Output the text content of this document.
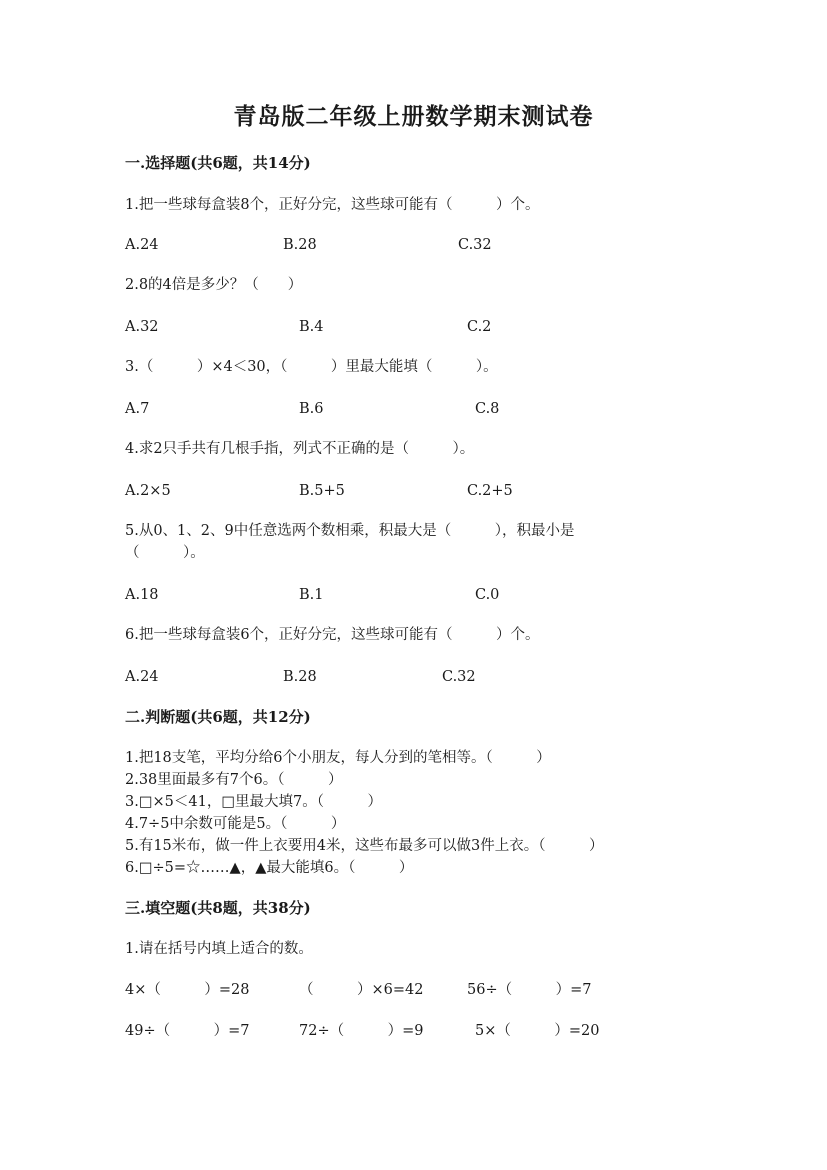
青岛版二年级上册数学期末测试卷
一.选择题(共6题，共14分)
1.把一些球每盒装8个，正好分完，这些球可能有（　　　）个。
A.24	B.28	C.32
2.8的4倍是多少？（　　）
A.32	B.4	C.2
3.（　　　）×4＜30，（　　　）里最大能填（　　　）。
A.7	B.6	C.8
4.求2只手共有几根手指，列式不正确的是（　　　）。
A.2×5	B.5+5	C.2+5
5.从0、1、2、9中任意选两个数相乘，积最大是（　　　），积最小是
（　　　）。
A.18	B.1	C.0
6.把一些球每盒装6个，正好分完，这些球可能有（　　　）个。
A.24	B.28	C.32
二.判断题(共6题，共12分)
1.把18支笔，平均分给6个小朋友，每人分到的笔相等。（　　　）
2.38里面最多有7个6。（　　　）
3.□×5＜41，□里最大填7。（　　　）
4.7÷5中余数可能是5。（　　　）
5.有15米布，做一件上衣要用4米，这些布最多可以做3件上衣。（　　　）
6.□÷5=☆……▲，▲最大能填6。（　　　）
三.填空题(共8题，共38分)
1.请在括号内填上适合的数。
4×（　　　）=28	（　　　）×6=42	56÷（　　　）=7
49÷（　　　）=7	72÷（　　　）=9	5×（　　　）=20
